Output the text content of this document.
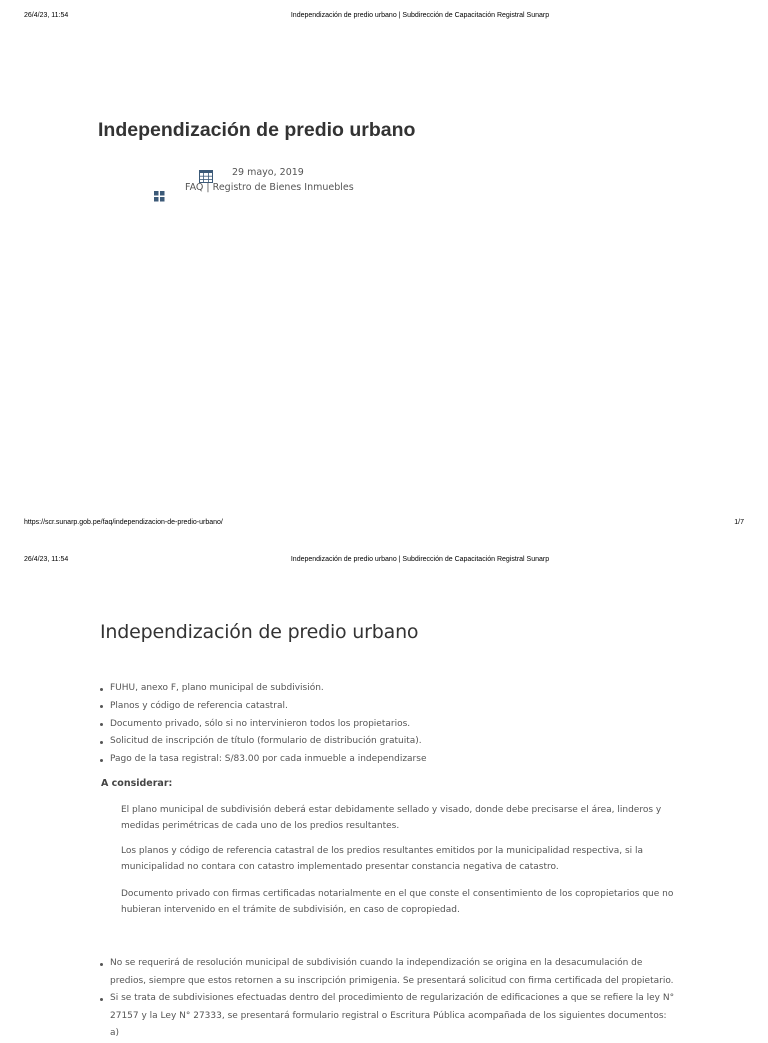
26/4/23, 11:54	Independización de predio urbano | Subdirección de Capacitación Registral Sunarp
Independización de predio urbano
29 mayo, 2019
FAQ | Registro de Bienes Inmuebles
https://scr.sunarp.gob.pe/faq/independizacion-de-predio-urbano/	1/7
26/4/23, 11:54	Independización de predio urbano | Subdirección de Capacitación Registral Sunarp
Independización de predio urbano
FUHU, anexo F, plano municipal de subdivisión.
Planos y código de referencia catastral.
Documento privado, sólo si no intervinieron todos los propietarios.
Solicitud de inscripción de título (formulario de distribución gratuita).
Pago de la tasa registral: S/83.00 por cada inmueble a independizarse
A considerar:

El plano municipal de subdivisión deberá estar debidamente sellado y visado, donde debe precisarse el área, linderos y medidas perimétricas de cada uno de los predios resultantes.

Los planos y código de referencia catastral de los predios resultantes emitidos por la municipalidad respectiva, si la municipalidad no contara con catastro implementado presentar constancia negativa de catastro.

Documento privado con firmas certificadas notarialmente en el que conste el consentimiento de los copropietarios que no hubieran intervenido en el trámite de subdivisión, en caso de copropiedad.

No se requerirá de resolución municipal de subdivisión cuando la independización se origina en la desacumulación de predios, siempre que estos retornen a su inscripción primigenia. Se presentará solicitud con firma certificada del propietario.
Si se trata de subdivisiones efectuadas dentro del procedimiento de regularización de edificaciones a que se refiere la ley N° 27157 y la Ley N° 27333, se presentará formulario registral o Escritura Pública acompañada de los siguientes documentos: a)
